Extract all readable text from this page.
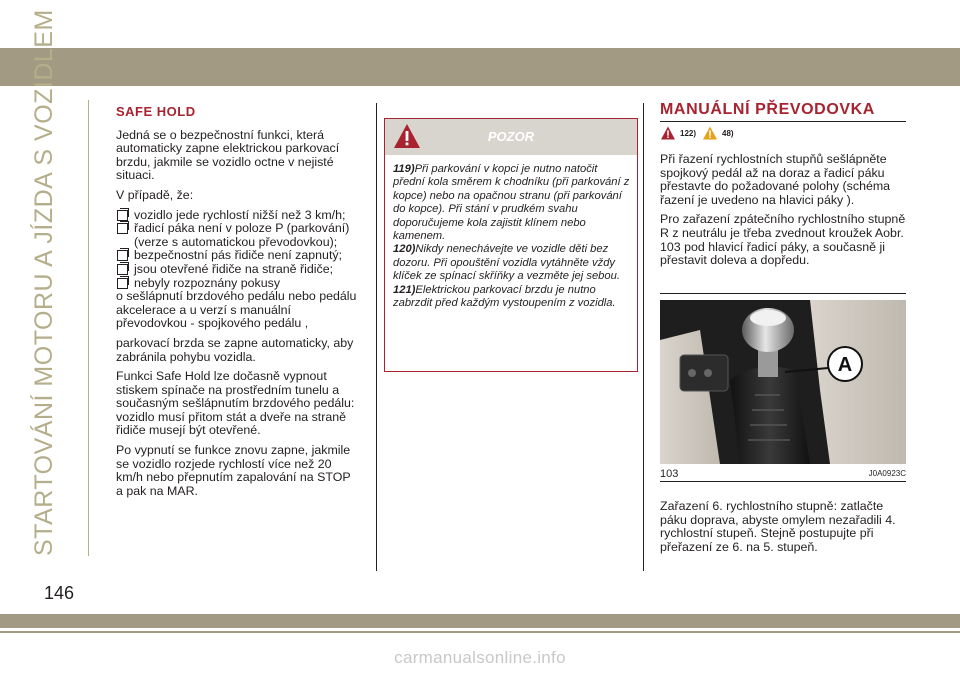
STARTOVÁNÍ MOTORU A JÍZDA S VOZIDLEM	SAFE HOLD

Jedná se o bezpečnostní funkci, která automaticky zapne elektrickou parkovací brzdu, jakmile se vozidlo octne v nejisté situaci.

V případě, že:

vozidlo jede rychlostí nižší než 3 km/h;
řadicí páka není v poloze P (parkování) (verze s automatickou převodovkou);
bezpečnostní pás řidiče není zapnutý;
jsou otevřené řidiče na straně řidiče;
nebyly rozpoznány pokusy

o sešlápnutí brzdového pedálu nebo pedálu akcelerace a u verzí s manuální převodovkou - spojkového pedálu ,

parkovací brzda se zapne automaticky, aby zabránila pohybu vozidla.

Funkci Safe Hold lze dočasně vypnout stiskem spínače na prostředním tunelu a současným sešlápnutím brzdového pedálu: vozidlo musí přitom stát a dveře na straně řidiče musejí být otevřené.

Po vypnutí se funkce znovu zapne, jakmile se vozidlo rozjede rychlostí více než 20 km/h nebo přepnutím zapalování na STOP a pak na MAR.

POZOR

119)Při parkování v kopci je nutno natočit přední kola směrem k chodníku (při parkování z kopce) nebo na opačnou stranu (při parkování do kopce). Při stání v prudkém svahu doporučujeme kola zajistit klínem nebo kamenem.

120)Nikdy nenechávejte ve vozidle děti bez dozoru. Při opouštění vozidla vytáhněte vždy klíček ze spínací skříňky a vezměte jej sebou.

121)Elektrickou parkovací brzdu je nutno zabrzdit před každým vystoupením z vozidla.

MANUÁLNÍ PŘEVODOVKA
122)	48)

Při řazení rychlostních stupňů sešlápněte spojkový pedál až na doraz a řadicí páku přestavte do požadované polohy (schéma řazení je uvedeno na hlavici páky ).

Pro zařazení zpátečního rychlostního stupně R z neutrálu je třeba zvednout kroužek Aobr. 103 pod hlavicí řadicí páky, a současně ji přestavit doleva a dopředu.

A
103	J0A0923C

Zařazení 6. rychlostního stupně: zatlačte páku doprava, abyste omylem nezařadili 4. rychlostní stupeň. Stejně postupujte při přeřazení ze 6. na 5. stupeň.

146
carmanualsonline.info
